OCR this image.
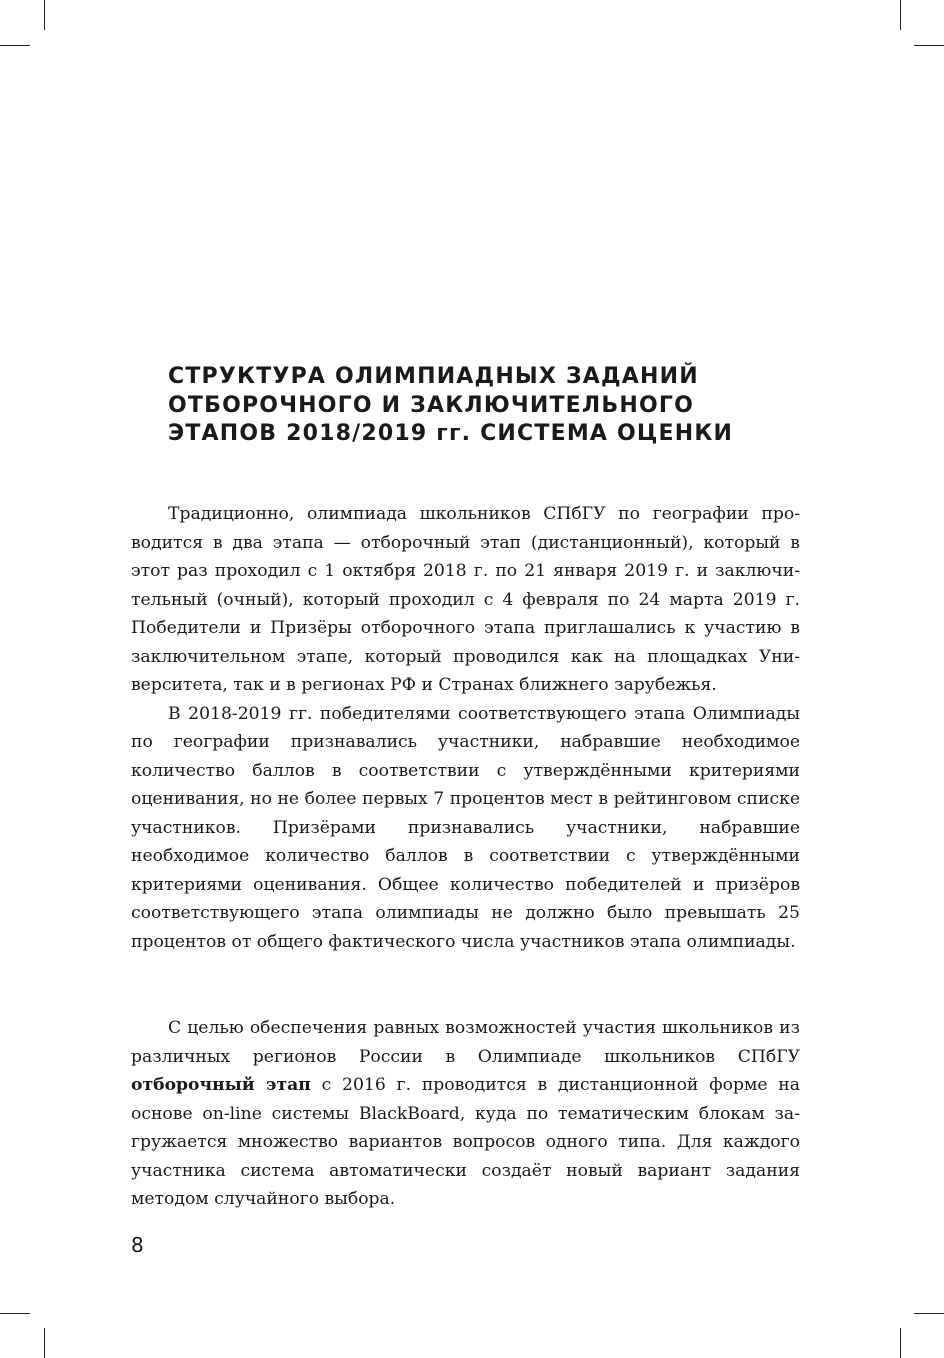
СТРУКТУРА ОЛИМПИАДНЫХ ЗАДАНИЙ
ОТБОРОЧНОГО И ЗАКЛЮЧИТЕЛЬНОГО
ЭТАПОВ 2018/2019 гг. СИСТЕМА ОЦЕНКИ

Традиционно, олимпиада школьников СПбГУ по географии проводится в два этапа — отборочный этап (дистанционный), который в этот раз проходил с 1 октября 2018 г. по 21 января 2019 г. и заключительный (очный), который проходил с 4 февраля по 24 марта 2019 г. Победители и Призёры отборочного этапа приглашались к участию в заключительном этапе, который проводился как на площадках Университета, так и в регионах РФ и Странах ближнего зарубежья.

В 2018-2019 гг. победителями соответствующего этапа Олимпиады по географии признавались участники, набравшие необходимое количество баллов в соответствии с утверждёнными критериями оценивания, но не более первых 7 процентов мест в рейтинговом списке участников. Призёрами признавались участники, набравшие необходимое количество баллов в соответствии с утверждёнными критериями оценивания. Общее количество победителей и призёров соответствующего этапа олимпиады не должно было превышать 25 процентов от общего фактического числа участников этапа олимпиады.

С целью обеспечения равных возможностей участия школьников из различных регионов России в Олимпиаде школьников СПбГУ отборочный этап с 2016 г. проводится в дистанционной форме на основе on-line системы BlackBoard, куда по тематическим блокам загружается множество вариантов вопросов одного типа. Для каждого участника система автоматически создаёт новый вариант задания методом случайного выбора.

8
